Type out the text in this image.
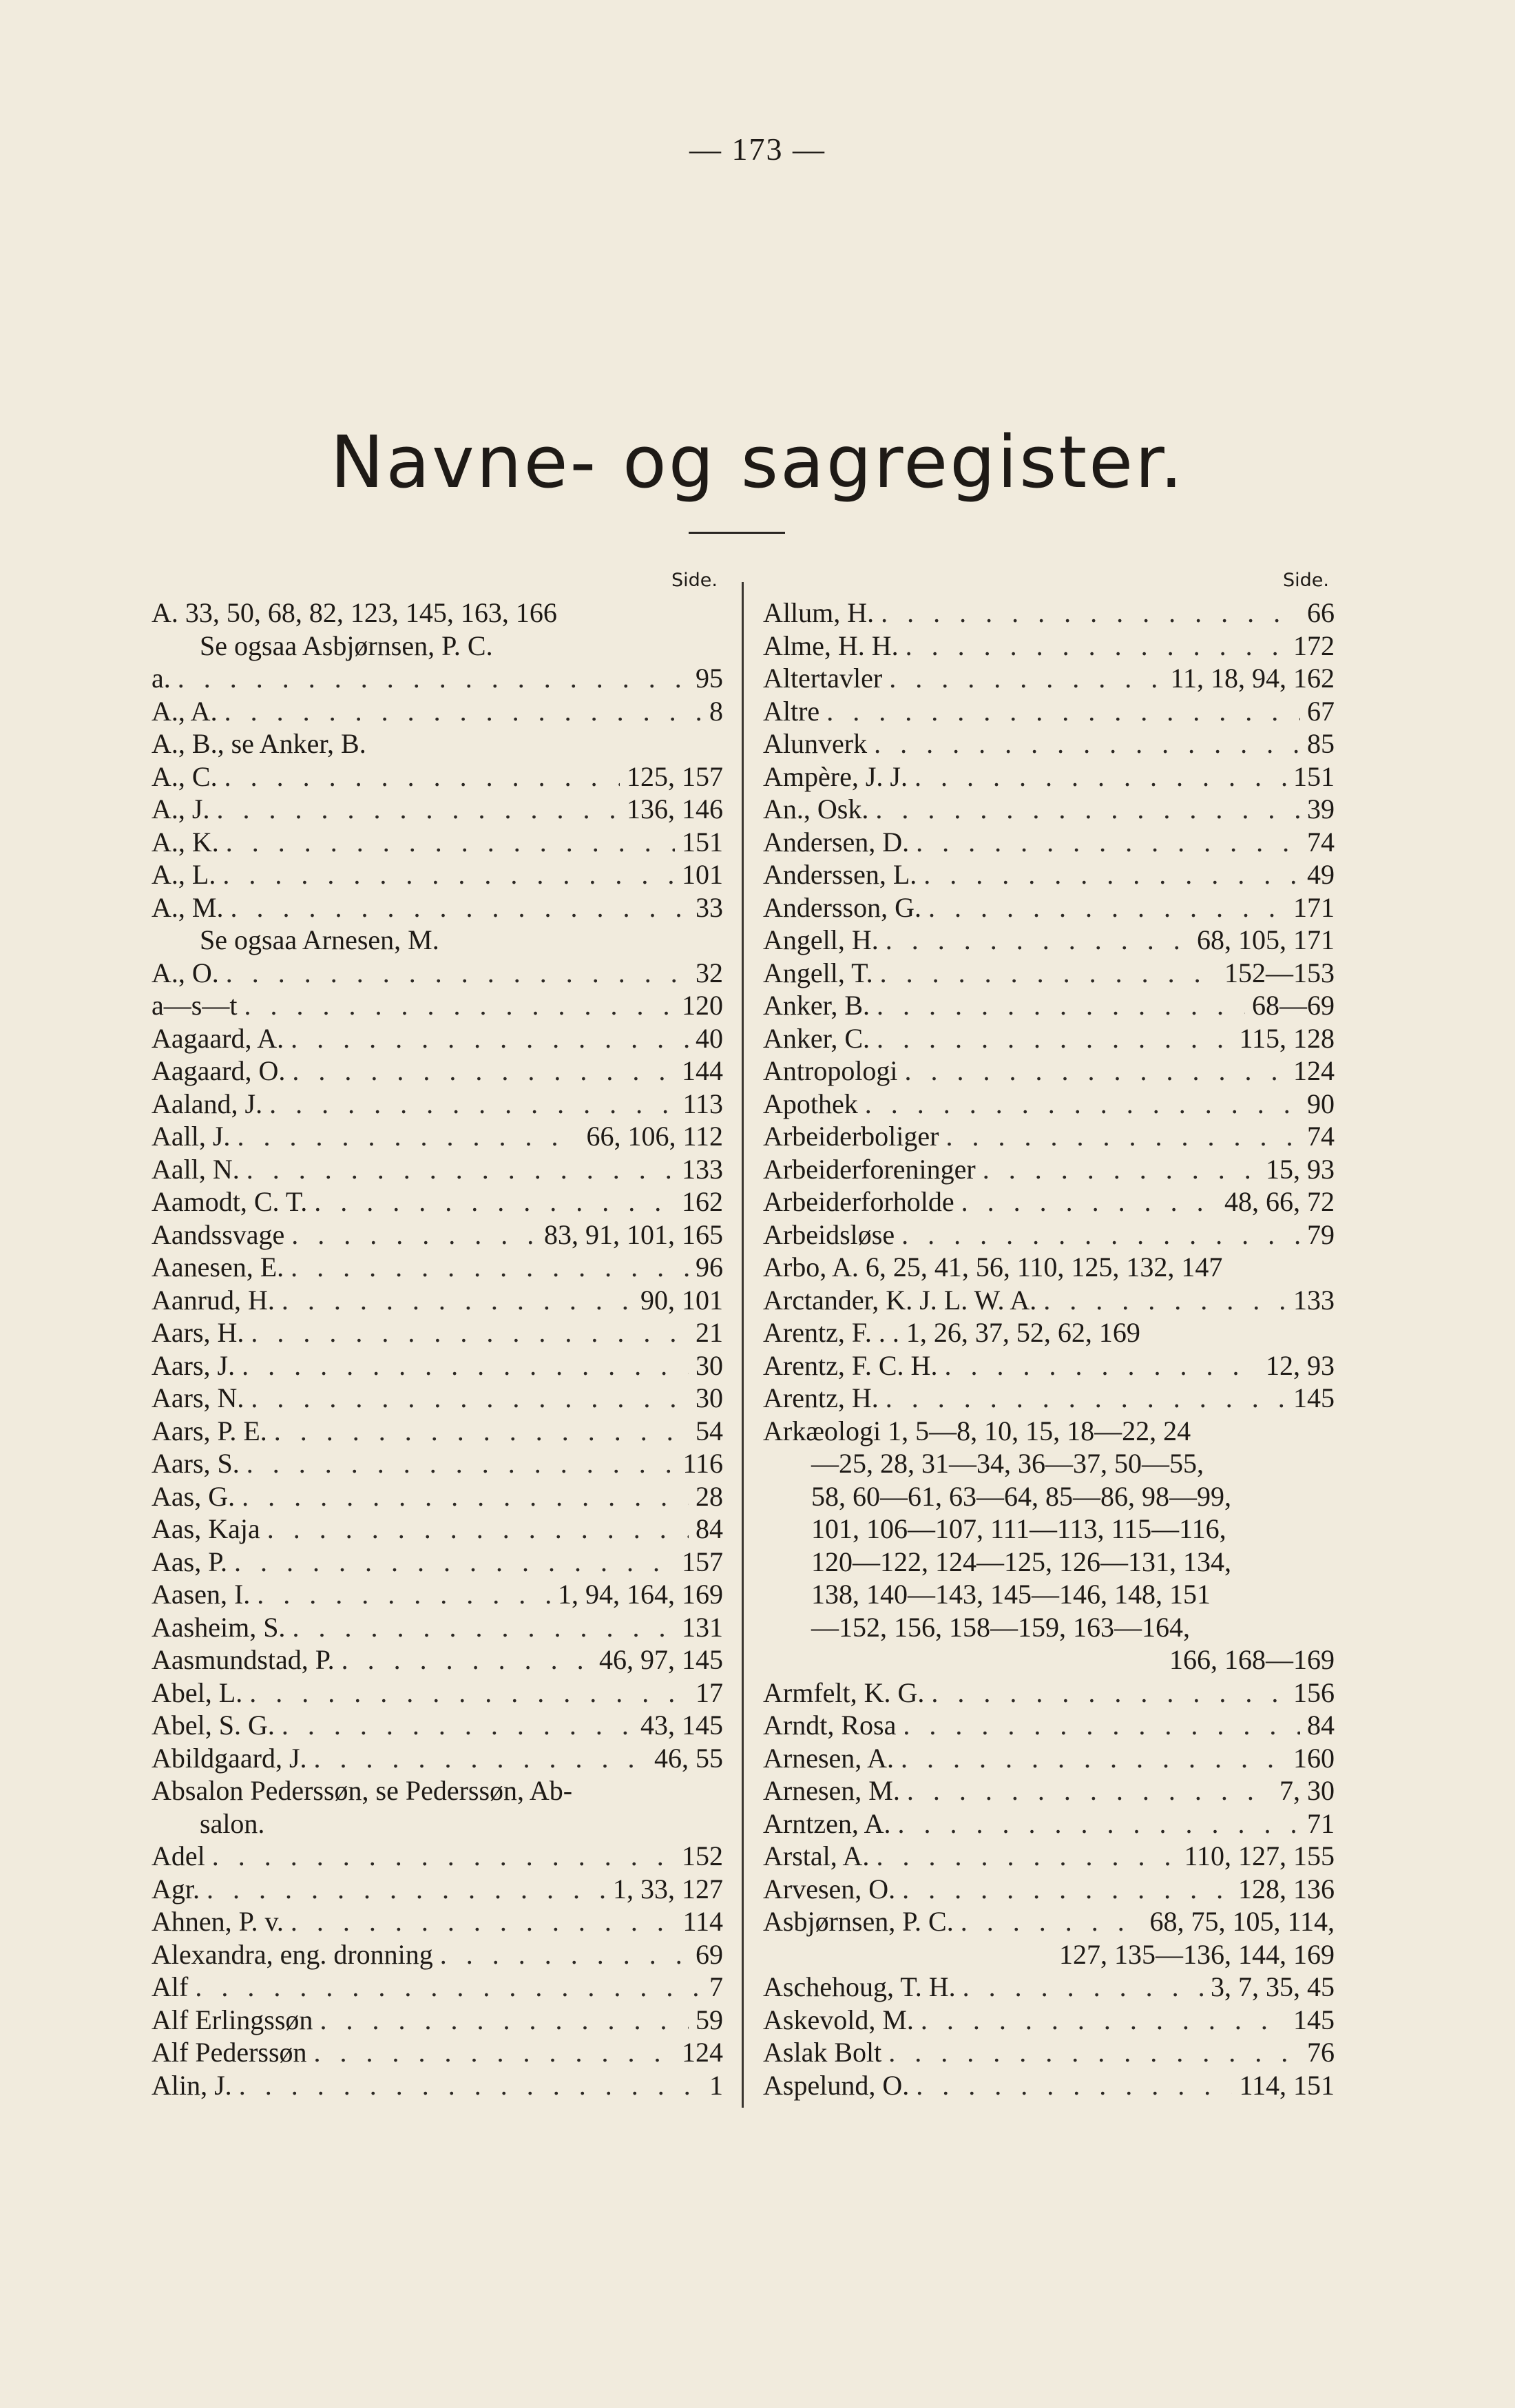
— 173 —
Navne- og sagregister.
Side.
A. 33, 50, 68, 82, 123, 145, 163, 166
Se ogsaa Asbjørnsen, P. C.
a. . . .	95
A., A. . . .	8
A., B., se Anker, B.
A., C. . . .	125, 157
A., J. . . .	136, 146
A., K. . . .	151
A., L. . . .	101
A., M. . . .	33
Se ogsaa Arnesen, M.
A., O. . . .	32
a—s—t . . .	120
Aagaard, A. . . .	40
Aagaard, O. . . .	144
Aaland, J. . . .	113
Aall, J. . . .	66, 106, 112
Aall, N. . . .	133
Aamodt, C. T. . . .	162
Aandssvage . . .	83, 91, 101, 165
Aanesen, E. . . .	96
Aanrud, H. . . .	90, 101
Aars, H. . . .	21
Aars, J. . . .	30
Aars, N. . . .	30
Aars, P. E. . . .	54
Aars, S. . . .	116
Aas, G. . . .	28
Aas, Kaja . . .	84
Aas, P. . . .	157
Aasen, I. . . .	1, 94, 164, 169
Aasheim, S. . . .	131
Aasmundstad, P. . . .	46, 97, 145
Abel, L. . . .	17
Abel, S. G. . . .	43, 145
Abildgaard, J. . . .	46, 55
Absalon Pederssøn, se Pederssøn, Ab-
salon.
Adel . . .	152
Agr. . . .	1, 33, 127
Ahnen, P. v. . . .	114
Alexandra, eng. dronning . . .	69
Alf . . .	7
Alf Erlingssøn . . .	59
Alf Pederssøn . . .	124
Alin, J. . . .	1
Side.
Allum, H. . . .	66
Alme, H. H. . . .	172
Altertavler . . .	11, 18, 94, 162
Altre . . .	67
Alunverk . . .	85
Ampère, J. J. . . .	151
An., Osk. . . .	39
Andersen, D. . . .	74
Anderssen, L. . . .	49
Andersson, G. . . .	171
Angell, H. . . .	68, 105, 171
Angell, T. . . .	152—153
Anker, B. . . .	68—69
Anker, C. . . .	115, 128
Antropologi . . .	124
Apothek . . .	90
Arbeiderboliger . . .	74
Arbeiderforeninger . . .	15, 93
Arbeiderforholde . . .	48, 66, 72
Arbeidsløse . . .	79
Arbo, A. 6, 25, 41, 56, 110, 125, 132, 147
Arctander, K. J. L. W. A. . . .	133
Arentz, F. . . 1, 26, 37, 52, 62, 169
Arentz, F. C. H. . . .	12, 93
Arentz, H. . . .	145
Arkæologi 1, 5—8, 10, 15, 18—22, 24
—25, 28, 31—34, 36—37, 50—55,
58, 60—61, 63—64, 85—86, 98—99,
101, 106—107, 111—113, 115—116,
120—122, 124—125, 126—131, 134,
138, 140—143, 145—146, 148, 151
—152, 156, 158—159, 163—164,
166, 168—169
Armfelt, K. G. . . .	156
Arndt, Rosa . . .	84
Arnesen, A. . . .	160
Arnesen, M. . . .	7, 30
Arntzen, A. . . .	71
Arstal, A. . . .	110, 127, 155
Arvesen, O. . . .	128, 136
Asbjørnsen, P. C. . . .	68, 75, 105, 114,
127, 135—136, 144, 169
Aschehoug, T. H. . . .	3, 7, 35, 45
Askevold, M. . . .	145
Aslak Bolt . . .	76
Aspelund, O. . . .	114, 151
